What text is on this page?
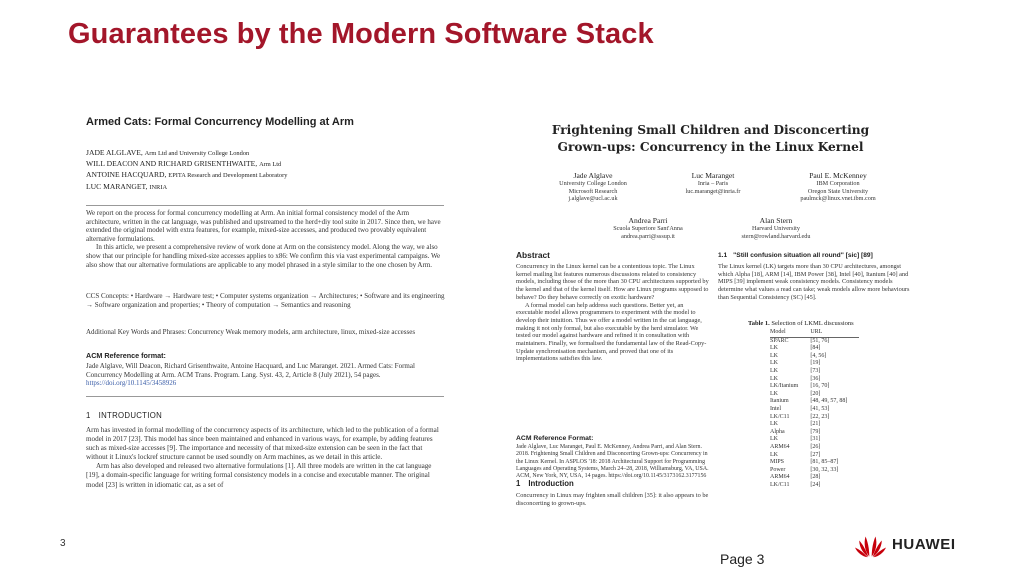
Guarantees by the Modern Software Stack
Armed Cats: Formal Concurrency Modelling at Arm
JADE ALGLAVE, Arm Ltd and University College London
WILL DEACON AND RICHARD GRISENTHWAITE, Arm Ltd
ANTOINE HACQUARD, EPITA Research and Development Laboratory
LUC MARANGET, INRIA

We report on the process for formal concurrency modelling at Arm. An initial formal consistency model of the Arm architecture, written in the cat language, was published and upstreamed to the herd+diy tool suite in 2017. Since then, we have extended the original model with extra features, for example, mixed-size accesses, and produced two provably equivalent alternative formulations.

In this article, we present a comprehensive review of work done at Arm on the consistency model. Along the way, we also show that our principle for handling mixed-size accesses applies to x86: We confirm this via vast experimental campaigns. We also show that our alternative formulations are applicable to any model phrased in a style similar to the one chosen by Arm.

CCS Concepts: • Hardware → Hardware test; • Computer systems organization → Architectures; • Software and its engineering → Software organization and properties; • Theory of computation → Semantics and reasoning
Additional Key Words and Phrases: Concurrency Weak memory models, arm architecture, linux, mixed-size accesses
ACM Reference format:
Jade Alglave, Will Deacon, Richard Grisenthwaite, Antoine Hacquard, and Luc Maranget. 2021. Armed Cats: Formal Concurrency Modelling at Arm. ACM Trans. Program. Lang. Syst. 43, 2, Article 8 (July 2021), 54 pages. https://doi.org/10.1145/3458926
1 INTRODUCTION

Arm has invested in formal modelling of the concurrency aspects of its architecture, which led to the publication of a formal model in 2017 [23]. This model has since been maintained and enhanced in various ways, for example, by adding features such as mixed-size accesses [9]. The importance and necessity of that mixed-size extension can be seen in the fact that without it Linux's lockref structure cannot be used soundly on Arm machines, as we detail in this article.

Arm has also developed and released two alternative formulations [1]. All three models are written in the cat language [19], a domain-specific language for writing formal consistency models in a concise and executable manner. The original model [23] is written in idiomatic cat, as a set of

Frightening Small Children and Disconcerting Grown-ups: Concurrency in the Linux Kernel
Jade Alglave
University College London
Microsoft Research
j.alglave@ucl.ac.uk
Luc Maranget
Inria – Paris
luc.maranget@inria.fr
Paul E. McKenney
IBM Corporation
Oregon State University
paulmck@linux.vnet.ibm.com
Andrea Parri
Scuola Superiore Sant'Anna
andrea.parri@sssup.it
Alan Stern
Harvard University
stern@rowland.harvard.edu
Abstract

Concurrency in the Linux kernel can be a contentious topic. The Linux kernel mailing list features numerous discussions related to consistency models, including those of the more than 30 CPU architectures supported by the kernel and that of the kernel itself. How are Linux programs supposed to behave? Do they behave correctly on exotic hardware?

A formal model can help address such questions. Better yet, an executable model allows programmers to experiment with the model to develop their intuition. Thus we offer a model written in the cat language, making it not only formal, but also executable by the herd simulator. We tested our model against hardware and refined it in consultation with maintainers. Finally, we formalised the fundamental law of the Read-Copy-Update synchronisation mechanism, and proved that one of its implementations satisfies this law.

ACM Reference Format:
Jade Alglave, Luc Maranget, Paul E. McKenney, Andrea Parri, and Alan Stern. 2018. Frightening Small Children and Disconcerting Grown-ups: Concurrency in the Linux Kernel. In ASPLOS '18: 2018 Architectural Support for Programming Languages and Operating Systems, March 24–28, 2018, Williamsburg, VA, USA. ACM, New York, NY, USA, 14 pages. https://doi.org/10.1145/3173162.3177156
1 Introduction
Concurrency in Linux may frighten small children [35]: it also appears to be disconcerting to grown-ups.
1.1 "Still confusion situation all round" [sic] [89]
The Linux kernel (LK) targets more than 30 CPU architectures, amongst which Alpha [18], ARM [14], IBM Power [38], Intel [40], Itanium [40] and MIPS [39] implement weak consistency models. Consistency models determine what values a read can take; weak models allow more behaviours than Sequential Consistency (SC) [45].
Table 1. Selection of LKML discussions
Model	URL
SPARC	[51, 76]
LK	[84]
LK	[4, 56]
LK	[19]
LK	[73]
LK	[36]
LK/Itanium	[16, 70]
LK	[20]
Itanium	[48, 49, 57, 88]
Intel	[41, 53]
LK/C11	[22, 23]
LK	[21]
Alpha	[79]
LK	[31]
ARM64	[26]
LK	[27]
MIPS	[81, 85–87]
Power	[30, 32, 33]
ARM64	[28]
LK/C11	[24]
3
Page 3
HUAWEI
